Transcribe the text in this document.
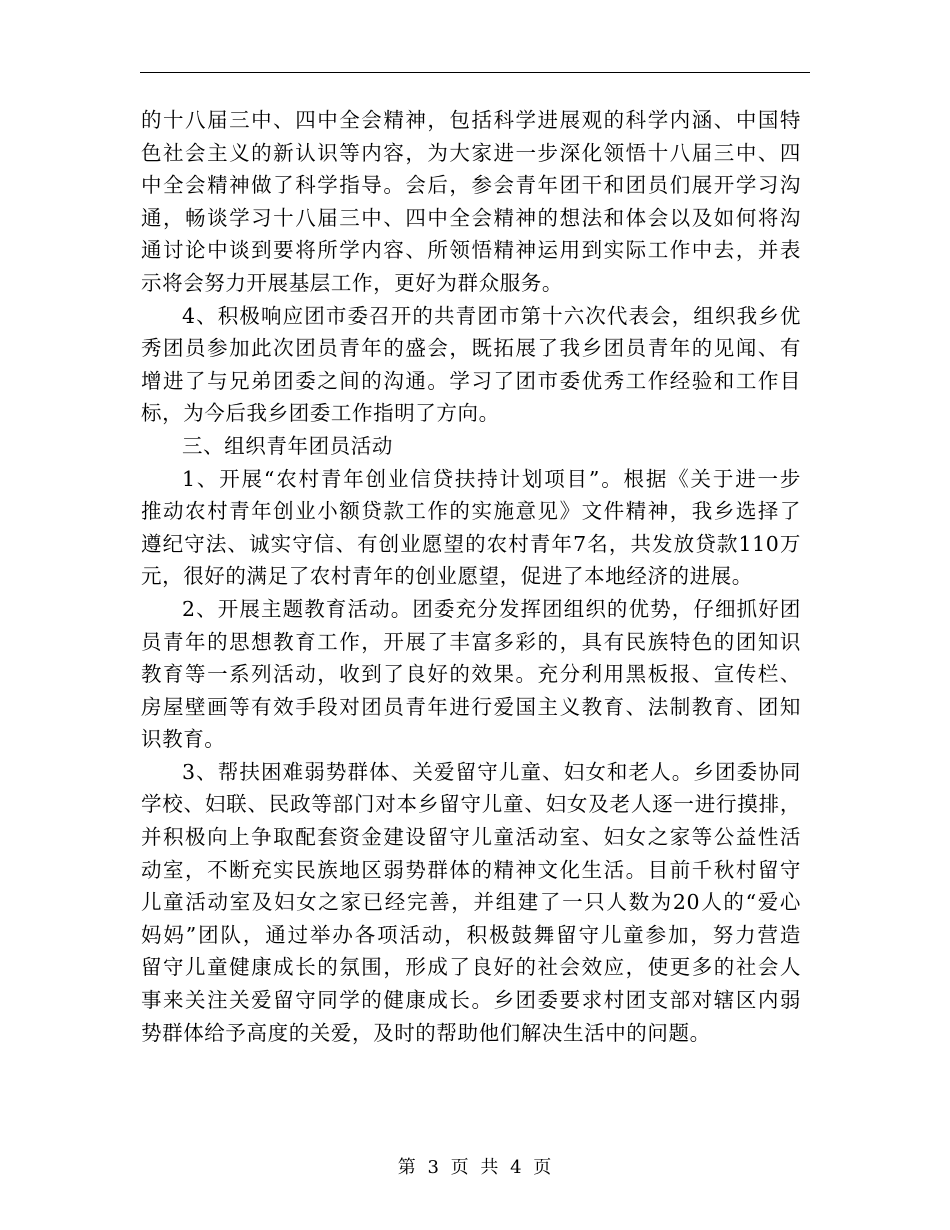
的十八届三中、四中全会精神，包括科学进展观的科学内涵、中国特
色社会主义的新认识等内容，为大家进一步深化领悟十八届三中、四
中全会精神做了科学指导。会后，参会青年团干和团员们展开学习沟
通，畅谈学习十八届三中、四中全会精神的想法和体会以及如何将沟
通讨论中谈到要将所学内容、所领悟精神运用到实际工作中去，并表
示将会努力开展基层工作，更好为群众服务。

4、积极响应团市委召开的共青团市第十六次代表会，组织我乡优
秀团员参加此次团员青年的盛会，既拓展了我乡团员青年的见闻、有
增进了与兄弟团委之间的沟通。学习了团市委优秀工作经验和工作目
标，为今后我乡团委工作指明了方向。

三、组织青年团员活动

1、开展“农村青年创业信贷扶持计划项目”。根据《关于进一步
推动农村青年创业小额贷款工作的实施意见》文件精神，我乡选择了
遵纪守法、诚实守信、有创业愿望的农村青年7名，共发放贷款110万
元，很好的满足了农村青年的创业愿望，促进了本地经济的进展。

2、开展主题教育活动。团委充分发挥团组织的优势，仔细抓好团
员青年的思想教育工作，开展了丰富多彩的，具有民族特色的团知识
教育等一系列活动，收到了良好的效果。充分利用黑板报、宣传栏、
房屋壁画等有效手段对团员青年进行爱国主义教育、法制教育、团知
识教育。

3、帮扶困难弱势群体、关爱留守儿童、妇女和老人。乡团委协同
学校、妇联、民政等部门对本乡留守儿童、妇女及老人逐一进行摸排，
并积极向上争取配套资金建设留守儿童活动室、妇女之家等公益性活
动室，不断充实民族地区弱势群体的精神文化生活。目前千秋村留守
儿童活动室及妇女之家已经完善，并组建了一只人数为20人的“爱心
妈妈”团队，通过举办各项活动，积极鼓舞留守儿童参加，努力营造
留守儿童健康成长的氛围，形成了良好的社会效应，使更多的社会人
事来关注关爱留守同学的健康成长。乡团委要求村团支部对辖区内弱
势群体给予高度的关爱，及时的帮助他们解决生活中的问题。

第 3 页 共 4 页
